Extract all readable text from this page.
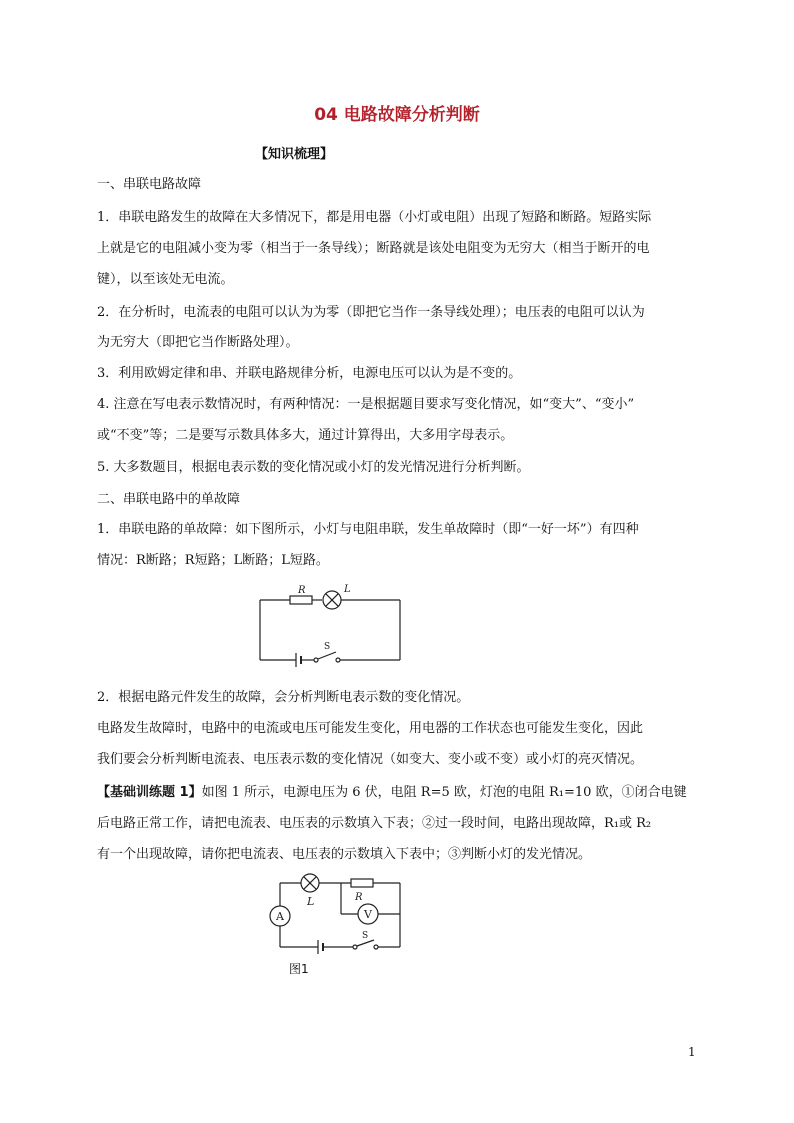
04 电路故障分析判断
【知识梳理】
一、串联电路故障
1．串联电路发生的故障在大多情况下，都是用电器（小灯或电阻）出现了短路和断路。短路实际
上就是它的电阻减小变为零（相当于一条导线）；断路就是该处电阻变为无穷大（相当于断开的电
键），以至该处无电流。
2．在分析时，电流表的电阻可以认为为零（即把它当作一条导线处理）；电压表的电阻可以认为
为无穷大（即把它当作断路处理）。
3．利用欧姆定律和串、并联电路规律分析，电源电压可以认为是不变的。
4. 注意在写电表示数情况时，有两种情况：一是根据题目要求写变化情况，如“变大”、“变小”
或“不变”等；二是要写示数具体多大，通过计算得出，大多用字母表示。
5. 大多数题目，根据电表示数的变化情况或小灯的发光情况进行分析判断。
二、串联电路中的单故障
1．串联电路的单故障：如下图所示，小灯与电阻串联，发生单故障时（即“一好一坏”）有四种
情况：R断路；R短路；L断路；L短路。
R	L
S
2．根据电路元件发生的故障，会分析判断电表示数的变化情况。
电路发生故障时，电路中的电流或电压可能发生变化，用电器的工作状态也可能发生变化，因此
我们要会分析判断电流表、电压表示数的变化情况（如变大、变小或不变）或小灯的亮灭情况。
【基础训练题 1】如图 1 所示，电源电压为 6 伏，电阻 R=5 欧，灯泡的电阻 R₁=10 欧，①闭合电键
后电路正常工作，请把电流表、电压表的示数填入下表；②过一段时间，电路出现故障，R₁或 R₂
有一个出现故障，请你把电流表、电压表的示数填入下表中；③判断小灯的发光情况。
A	V
L	R
S
图1
1
